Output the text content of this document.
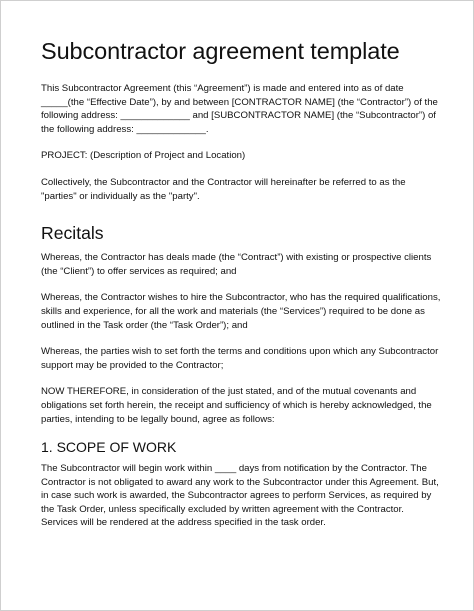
Subcontractor agreement template

This Subcontractor Agreement (this “Agreement”) is made and entered into as of date _____(the “Effective Date”), by and between [CONTRACTOR NAME] (the “Contractor”) of the following address: _____________ and [SUBCONTRACTOR NAME] (the “Subcontractor”) of the following address: _____________.

PROJECT: (Description of Project and Location)

Collectively, the Subcontractor and the Contractor will hereinafter be referred to as the "parties" or individually as the "party".

Recitals

Whereas, the Contractor has deals made (the “Contract”) with existing or prospective clients (the “Client”) to offer services as required; and

Whereas, the Contractor wishes to hire the Subcontractor, who has the required qualifications, skills and experience, for all the work and materials (the “Services”) required to be done as outlined in the Task order (the “Task Order”); and

Whereas, the parties wish to set forth the terms and conditions upon which any Subcontractor support may be provided to the Contractor;

NOW THEREFORE, in consideration of the just stated, and of the mutual covenants and obligations set forth herein, the receipt and sufficiency of which is hereby acknowledged, the parties, intending to be legally bound, agree as follows:

1. SCOPE OF WORK

The Subcontractor will begin work within ____ days from notification by the Contractor. The Contractor is not obligated to award any work to the Subcontractor under this Agreement. But, in case such work is awarded, the Subcontractor agrees to perform Services, as required by the Task Order, unless specifically excluded by written agreement with the Contractor. Services will be rendered at the address specified in the task order.
